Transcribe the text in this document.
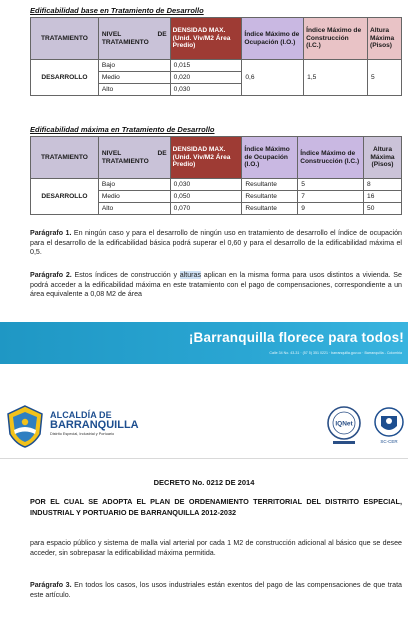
Edificabilidad base en Tratamiento de Desarrollo
TRATAMIENTO	NIVEL DE TRATAMIENTO	DENSIDAD MAX. (Unid. Viv/M2 Área Predio)	Índice Máximo de Ocupación (I.O.)	Índice Máximo de Construcción (I.C.)	Altura Máxima (Pisos)
DESARROLLO	Bajo	0,015	0,6	1,5	5
	Medio	0,020			
	Alto	0,030			
Edificabilidad máxima en Tratamiento de Desarrollo
TRATAMIENTO	NIVEL DE TRATAMIENTO	DENSIDAD MAX. (Unid. Viv/M2 Área Predio)	Índice Máximo de Ocupación (I.O.)	Índice Máximo de Construcción (I.C.)	Altura Máxima (Pisos)
DESARROLLO	Bajo	0,030	Resultante	5	8
	Medio	0,050	Resultante	7	16
	Alto	0,070	Resultante	9	50
Parágrafo 1. En ningún caso y para el desarrollo de ningún uso en tratamiento de desarrollo el índice de ocupación para el desarrollo de la edificabilidad básica podrá superar el 0,60 y para el desarrollo de la edificabilidad máxima el 0,5.
Parágrafo 2. Estos índices de construcción y alturas aplican en la misma forma para usos distintos a vivienda. Se podrá acceder a la edificabilidad máxima en este tratamiento con el pago de compensaciones, correspondiente a un área equivalente a 0,08 M2 de área
¡Barranquilla florece para todos!
Calle 34 No. 43-31 · (57 5) 351 0221 · barranquilla.gov.co · Barranquilla - Colombia
ALCALDÍA DE
BARRANQUILLA
Distrito Especial, Industrial y Portuario
IQNet
SC-CER
DECRETO No. 0212 DE 2014
POR EL CUAL SE ADOPTA EL PLAN DE ORDENAMIENTO TERRITORIAL DEL DISTRITO ESPECIAL, INDUSTRIAL Y PORTUARIO DE BARRANQUILLA 2012-2032
para espacio público y sistema de malla vial arterial por cada 1 M2 de construcción adicional al básico que se desee acceder, sin sobrepasar la edificabilidad máxima permitida.
Parágrafo 3. En todos los casos, los usos industriales están exentos del pago de las compensaciones de que trata este artículo.
